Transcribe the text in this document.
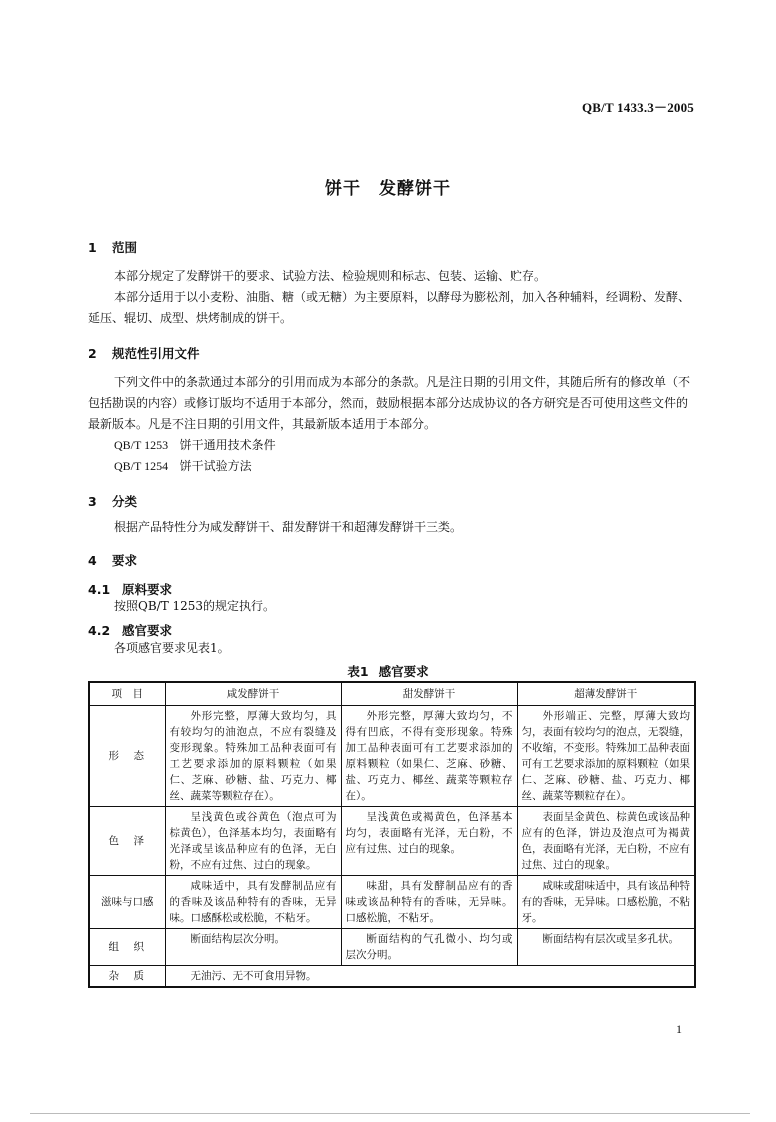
QB/T 1433.3－2005
饼干　发酵饼干
1 范围
本部分规定了发酵饼干的要求、试验方法、检验规则和标志、包装、运输、贮存。
本部分适用于以小麦粉、油脂、糖（或无糖）为主要原料，以酵母为膨松剂，加入各种辅料，经调粉、发酵、延压、辊切、成型、烘烤制成的饼干。
2 规范性引用文件
下列文件中的条款通过本部分的引用而成为本部分的条款。凡是注日期的引用文件，其随后所有的修改单（不包括勘误的内容）或修订版均不适用于本部分，然而，鼓励根据本部分达成协议的各方研究是否可使用这些文件的最新版本。凡是不注日期的引用文件，其最新版本适用于本部分。
QB/T 1253 饼干通用技术条件
QB/T 1254 饼干试验方法
3 分类
根据产品特性分为咸发酵饼干、甜发酵饼干和超薄发酵饼干三类。
4 要求
4.1 原料要求
按照QB/T 1253的规定执行。
4.2 感官要求
各项感官要求见表1。
表1 感官要求
项　目	咸发酵饼干	甜发酵饼干	超薄发酵饼干
形　态	外形完整，厚薄大致均匀，具有较均匀的油泡点，不应有裂缝及变形现象。特殊加工品种表面可有工艺要求添加的原料颗粒（如果仁、芝麻、砂糖、盐、巧克力、椰丝、蔬菜等颗粒存在）。	外形完整，厚薄大致均匀，不得有凹底，不得有变形现象。特殊加工品种表面可有工艺要求添加的原料颗粒（如果仁、芝麻、砂糖、盐、巧克力、椰丝、蔬菜等颗粒存在）。	外形端正、完整，厚薄大致均匀，表面有较均匀的泡点，无裂缝，不收缩，不变形。特殊加工品种表面可有工艺要求添加的原料颗粒（如果仁、芝麻、砂糖、盐、巧克力、椰丝、蔬菜等颗粒存在）。
色　泽	呈浅黄色或谷黄色（泡点可为棕黄色），色泽基本均匀，表面略有光泽或呈该品种应有的色泽，无白粉，不应有过焦、过白的现象。	呈浅黄色或褐黄色，色泽基本均匀，表面略有光泽，无白粉，不应有过焦、过白的现象。	表面呈金黄色、棕黄色或该品种应有的色泽，饼边及泡点可为褐黄色，表面略有光泽，无白粉，不应有过焦、过白的现象。
滋味与口感	咸味适中，具有发酵制品应有的香味及该品种特有的香味，无异味。口感酥松或松脆，不粘牙。	味甜，具有发酵制品应有的香味或该品种特有的香味，无异味。口感松脆，不粘牙。	咸味或甜味适中，具有该品种特有的香味，无异味。口感松脆，不粘牙。
组　织	断面结构层次分明。	断面结构的气孔微小、均匀或层次分明。	断面结构有层次或呈多孔状。
杂　质	无油污、无不可食用异物。		
1
